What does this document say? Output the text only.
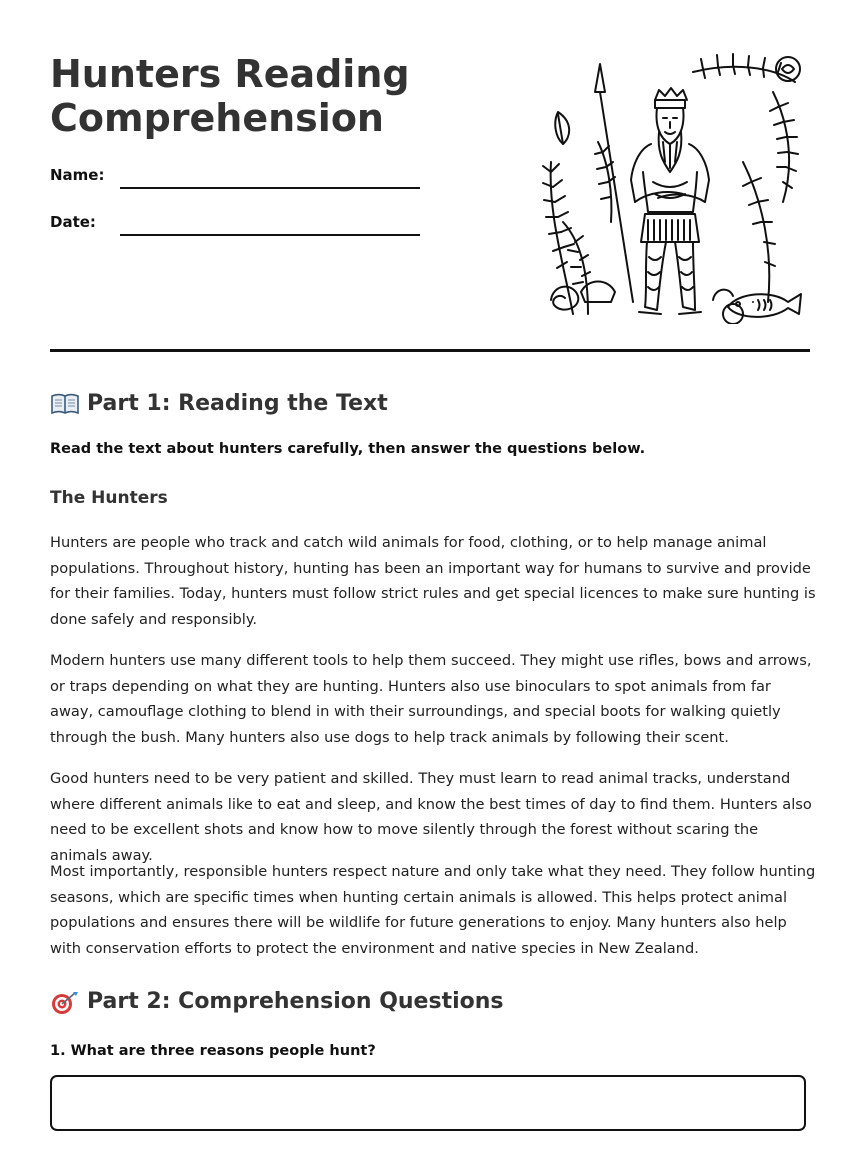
Hunters Reading
Comprehension
Name:
Date:
Part 1: Reading the Text
Read the text about hunters carefully, then answer the questions below.
The Hunters

Hunters are people who track and catch wild animals for food, clothing, or to help manage animal populations. Throughout history, hunting has been an important way for humans to survive and provide for their families. Today, hunters must follow strict rules and get special licences to make sure hunting is done safely and responsibly.

Modern hunters use many different tools to help them succeed. They might use rifles, bows and arrows, or traps depending on what they are hunting. Hunters also use binoculars to spot animals from far away, camouflage clothing to blend in with their surroundings, and special boots for walking quietly through the bush. Many hunters also use dogs to help track animals by following their scent.

Good hunters need to be very patient and skilled. They must learn to read animal tracks, understand where different animals like to eat and sleep, and know the best times of day to find them. Hunters also need to be excellent shots and know how to move silently through the forest without scaring the animals away.

Most importantly, responsible hunters respect nature and only take what they need. They follow hunting seasons, which are specific times when hunting certain animals is allowed. This helps protect animal populations and ensures there will be wildlife for future generations to enjoy. Many hunters also help with conservation efforts to protect the environment and native species in New Zealand.

Part 2: Comprehension Questions
1. What are three reasons people hunt?
